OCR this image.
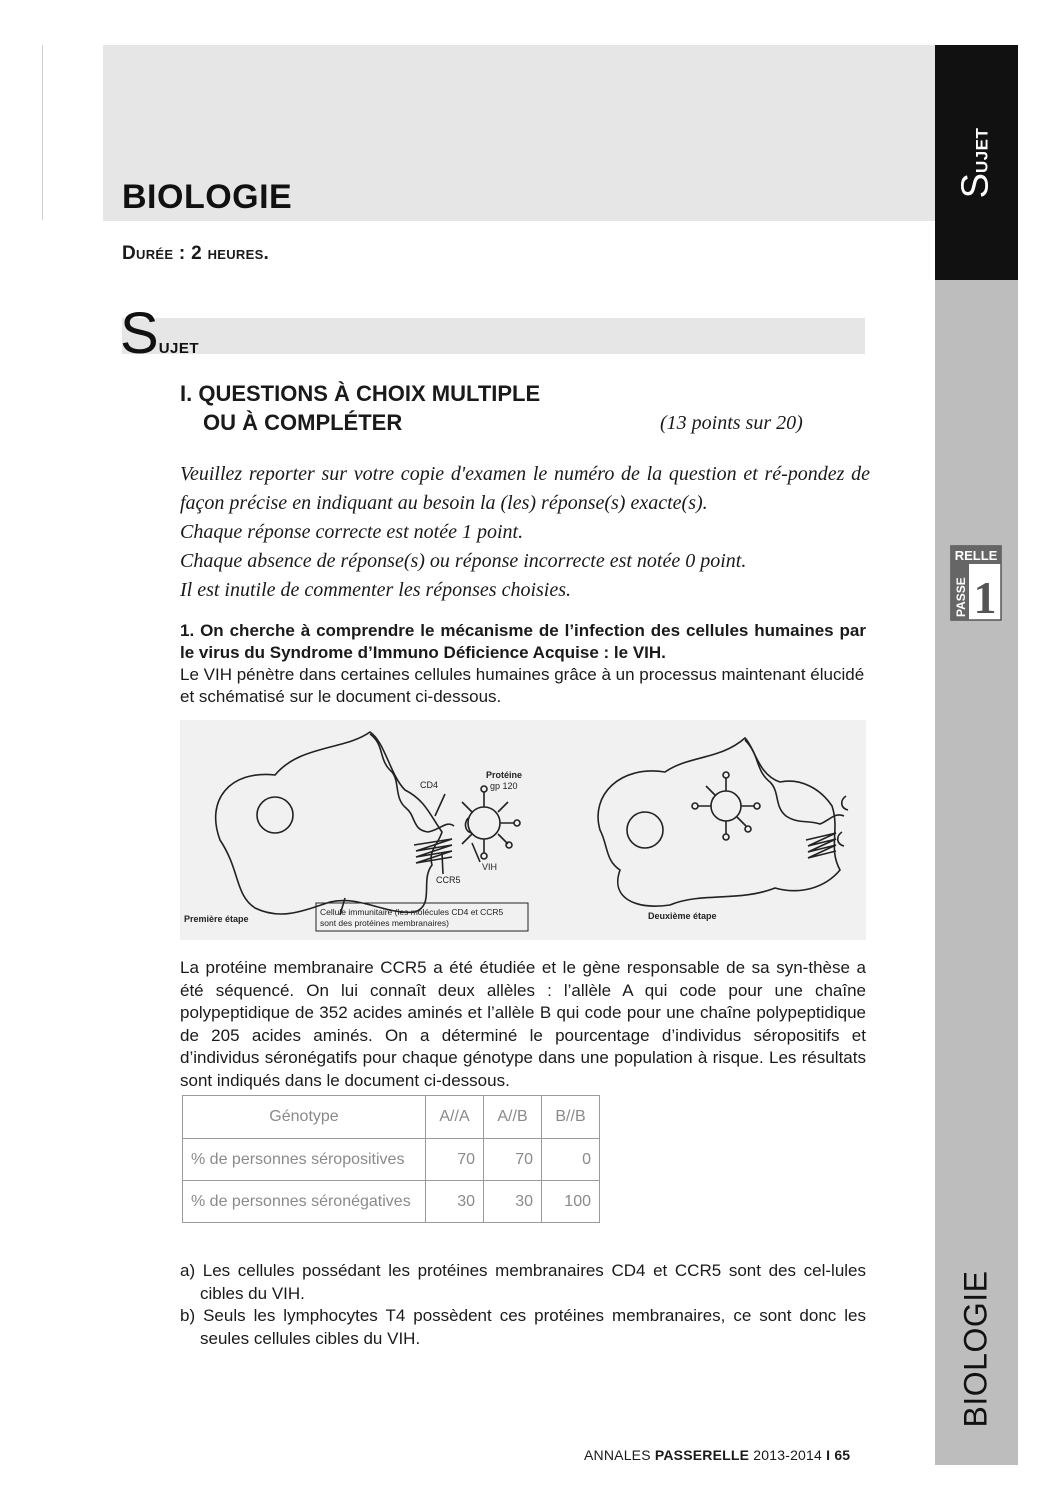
BIOLOGIE
Durée : 2 heures.
Sujet
I. QUESTIONS À CHOIX MULTIPLE
OU À COMPLÉTER	(13 points sur 20)

Veuillez reporter sur votre copie d'examen le numéro de la question et ré-pondez de façon précise en indiquant au besoin la (les) réponse(s) exacte(s).

Chaque réponse correcte est notée 1 point.

Chaque absence de réponse(s) ou réponse incorrecte est notée 0 point.

Il est inutile de commenter les réponses choisies.

1. On cherche à comprendre le mécanisme de l’infection des cellules humaines par le virus du Syndrome d’Immuno Déficience Acquise : le VIH.

Le VIH pénètre dans certaines cellules humaines grâce à un processus maintenant élucidé et schématisé sur le document ci-dessous.

CD4
Protéine
gp 120
VIH
CCR5
Première étape	Deuxième étape
Cellule immunitaire (les molécules CD4 et CCR5
sont des protéines membranaires)

La protéine membranaire CCR5 a été étudiée et le gène responsable de sa syn-thèse a été séquencé. On lui connaît deux allèles : l’allèle A qui code pour une chaîne polypeptidique de 352 acides aminés et l’allèle B qui code pour une chaîne polypeptidique de 205 acides aminés. On a déterminé le pourcentage d’individus séropositifs et d’individus séronégatifs pour chaque génotype dans une population à risque. Les résultats sont indiqués dans le document ci-dessous.

Génotype	A//A	A//B	B//B
% de personnes séropositives	70	70	0
% de personnes séronégatives	30	30	100
a) Les cellules possédant les protéines membranaires CD4 et CCR5 sont des cel-lules cibles du VIH.
b) Seuls les lymphocytes T4 possèdent ces protéines membranaires, ce sont donc les seules cellules cibles du VIH.
ANNALES PASSERELLE 2013-2014 I 65
Sujet
BIOLOGIE
RELLE
PASSE 1
